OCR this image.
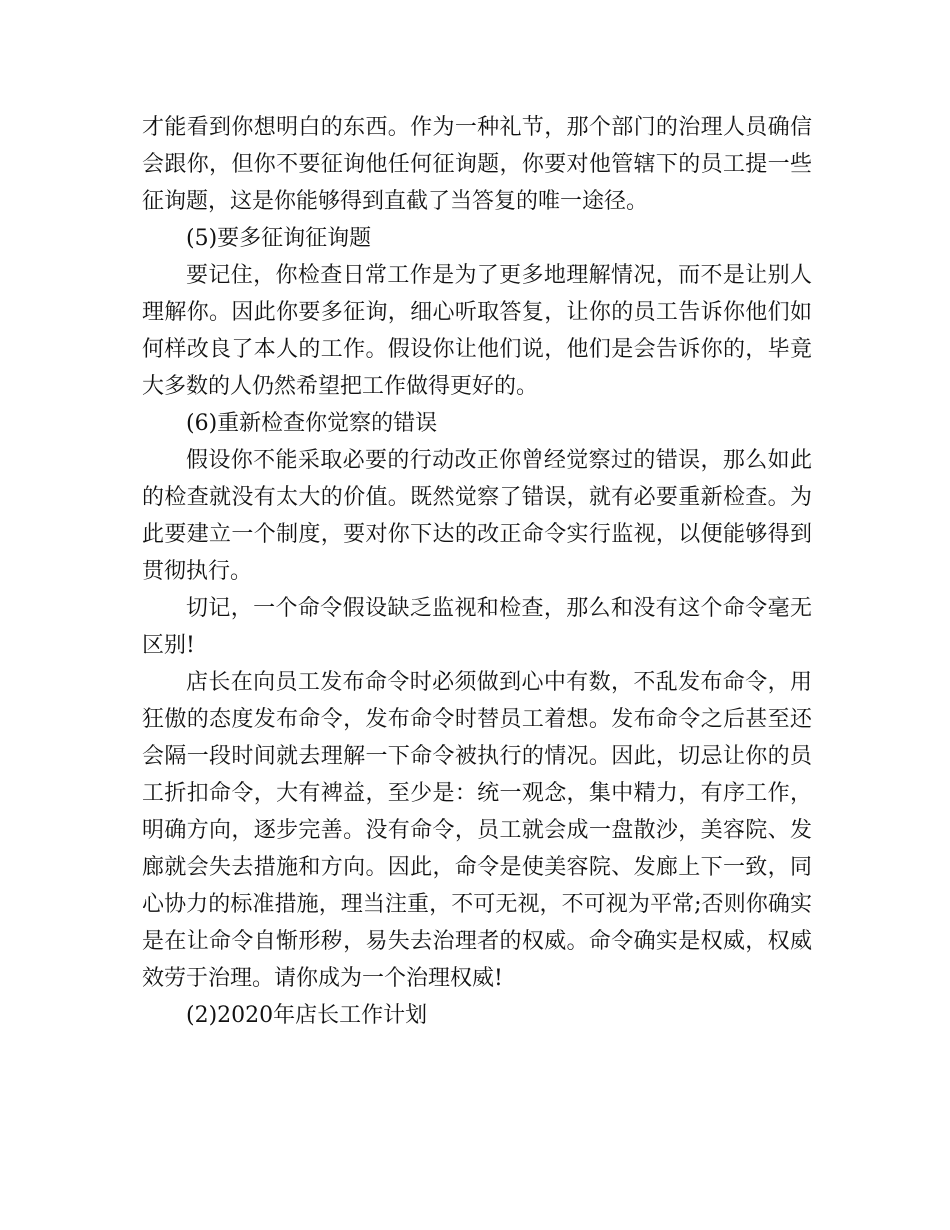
才能看到你想明白的东西。作为一种礼节，那个部门的治理人员确信会跟你，但你不要征询他任何征询题，你要对他管辖下的员工提一些征询题，这是你能够得到直截了当答复的唯一途径。

(5)要多征询征询题

要记住，你检查日常工作是为了更多地理解情况，而不是让别人理解你。因此你要多征询，细心听取答复，让你的员工告诉你他们如何样改良了本人的工作。假设你让他们说，他们是会告诉你的，毕竟大多数的人仍然希望把工作做得更好的。

(6)重新检查你觉察的错误

假设你不能采取必要的行动改正你曾经觉察过的错误，那么如此的检查就没有太大的价值。既然觉察了错误，就有必要重新检查。为此要建立一个制度，要对你下达的改正命令实行监视，以便能够得到贯彻执行。

切记，一个命令假设缺乏监视和检查，那么和没有这个命令毫无区别!

店长在向员工发布命令时必须做到心中有数，不乱发布命令，用狂傲的态度发布命令，发布命令时替员工着想。发布命令之后甚至还会隔一段时间就去理解一下命令被执行的情况。因此，切忌让你的员工折扣命令，大有裨益，至少是：统一观念，集中精力，有序工作，明确方向，逐步完善。没有命令，员工就会成一盘散沙，美容院、发廊就会失去措施和方向。因此，命令是使美容院、发廊上下一致，同心协力的标准措施，理当注重，不可无视，不可视为平常;否则你确实是在让命令自惭形秽，易失去治理者的权威。命令确实是权威，权威效劳于治理。请你成为一个治理权威!

(2)2020年店长工作计划
